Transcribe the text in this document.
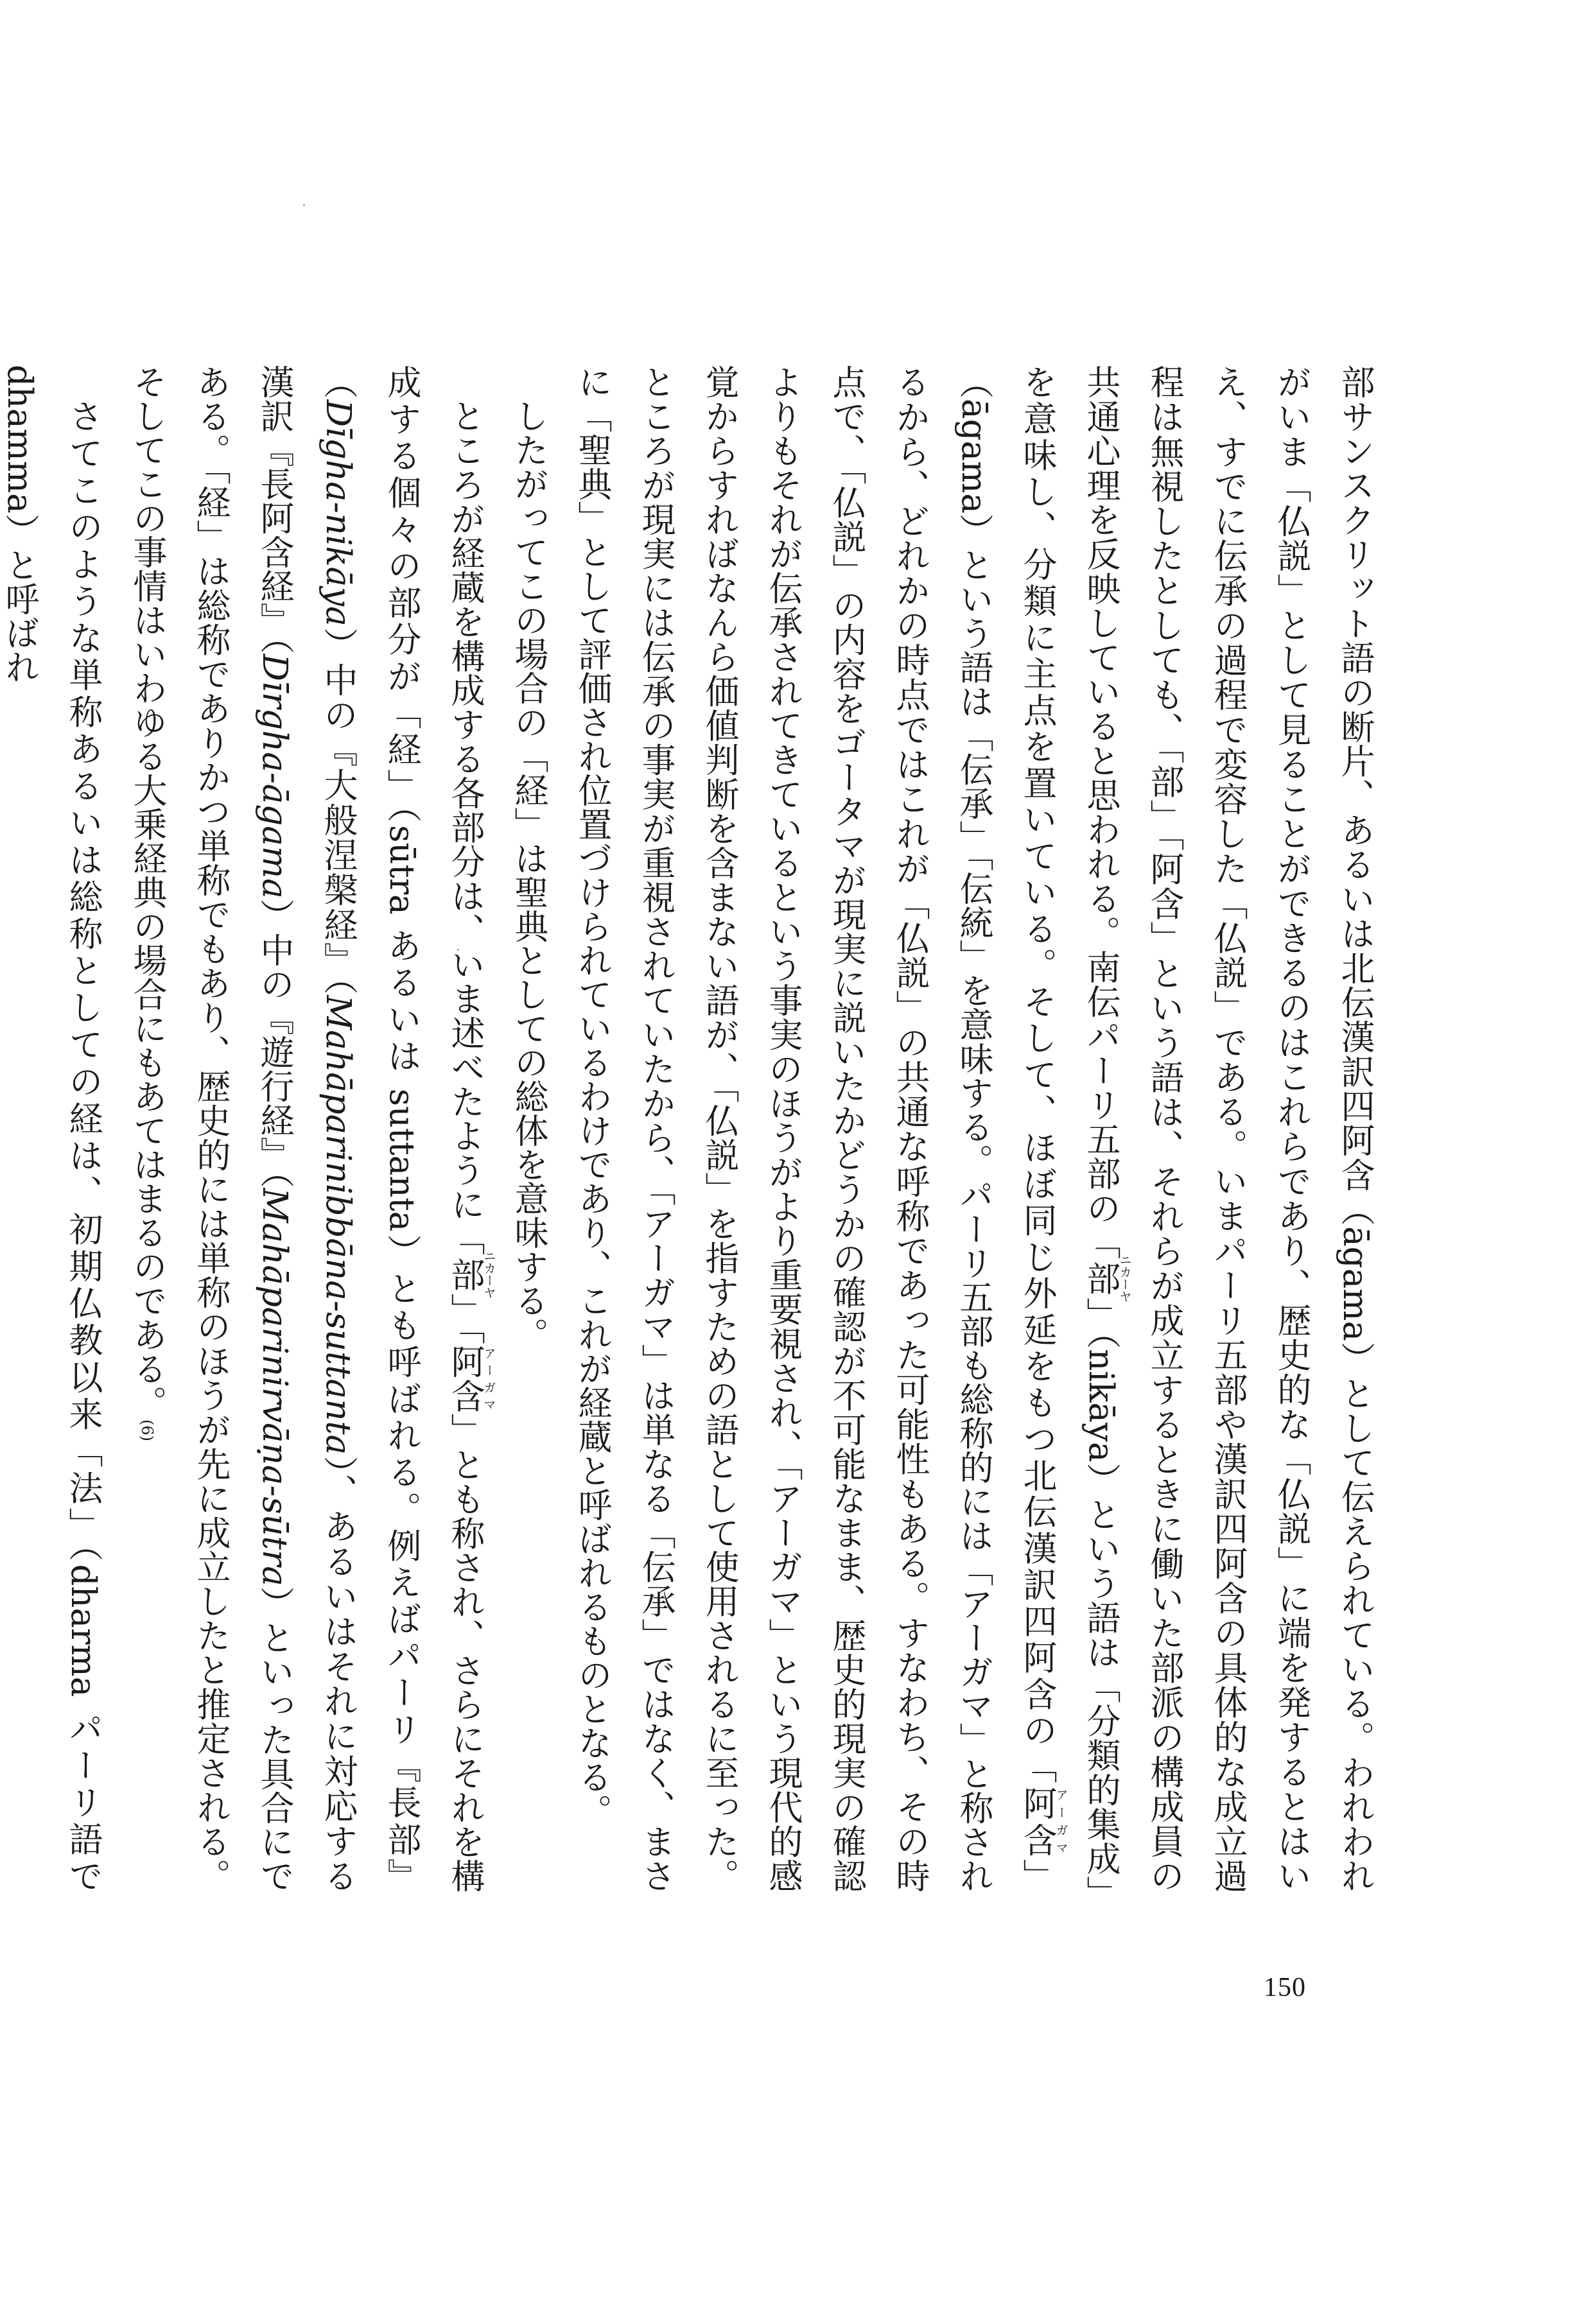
部サンスクリット語の断片、あるいは北伝漢訳四阿含（āgama）として伝えられている。われわれがいま「仏説」として見ることができるのはこれらであり、歴史的な「仏説」に端を発するとはいえ、すでに伝承の過程で変容した「仏説」である。いまパーリ五部や漢訳四阿含の具体的な成立過程は無視したとしても、「部」「阿含」という語は、それらが成立するときに働いた部派の構成員の共通心理を反映していると思われる。南伝パーリ五部の「部ニカーヤ」（nikāya）という語は「分類的集成」を意味し、分類に主点を置いている。そして、ほぼ同じ外延をもつ北伝漢訳四阿含の「阿含アーガマ」（āgama）という語は「伝承」「伝統」を意味する。パーリ五部も総称的には「アーガマ」と称されるから、どれかの時点ではこれが「仏説」の共通な呼称であった可能性もある。すなわち、その時点で、「仏説」の内容をゴータマが現実に説いたかどうかの確認が不可能なまま、歴史的現実の確認よりもそれが伝承されてきているという事実のほうがより重要視され、「アーガマ」という現代的感覚からすればなんら価値判断を含まない語が、「仏説」を指すための語として使用されるに至った。ところが現実には伝承の事実が重視されていたから、「アーガマ」は単なる「伝承」ではなく、まさに「聖典」として評価され位置づけられているわけであり、これが経蔵と呼ばれるものとなる。

したがってこの場合の「経」は聖典としての総体を意味する。

ところが経蔵を構成する各部分は、いま述べたように「部ニカーヤ」「阿含アーガマ」とも称され、さらにそれを構成する個々の部分が「経」（sūtra あるいは suttanta）とも呼ばれる。例えばパーリ『長部』（Dīgha-nikāya）中の『大般涅槃経』（Mahāparinibbāna-suttanta）、あるいはそれに対応する漢訳『長阿含経』（Dīrgha-āgama）中の『遊行経』（Mahāparinirvāṇa-sūtra）といった具合にである。「経」は総称でありかつ単称でもあり、歴史的には単称のほうが先に成立したと推定される。そしてこの事情はいわゆる大乗経典の場合にもあてはまるのである。(6)

さてこのような単称あるいは総称としての経は、初期仏教以来「法」（dharma パーリ語で dhamma）と呼ばれ

150
